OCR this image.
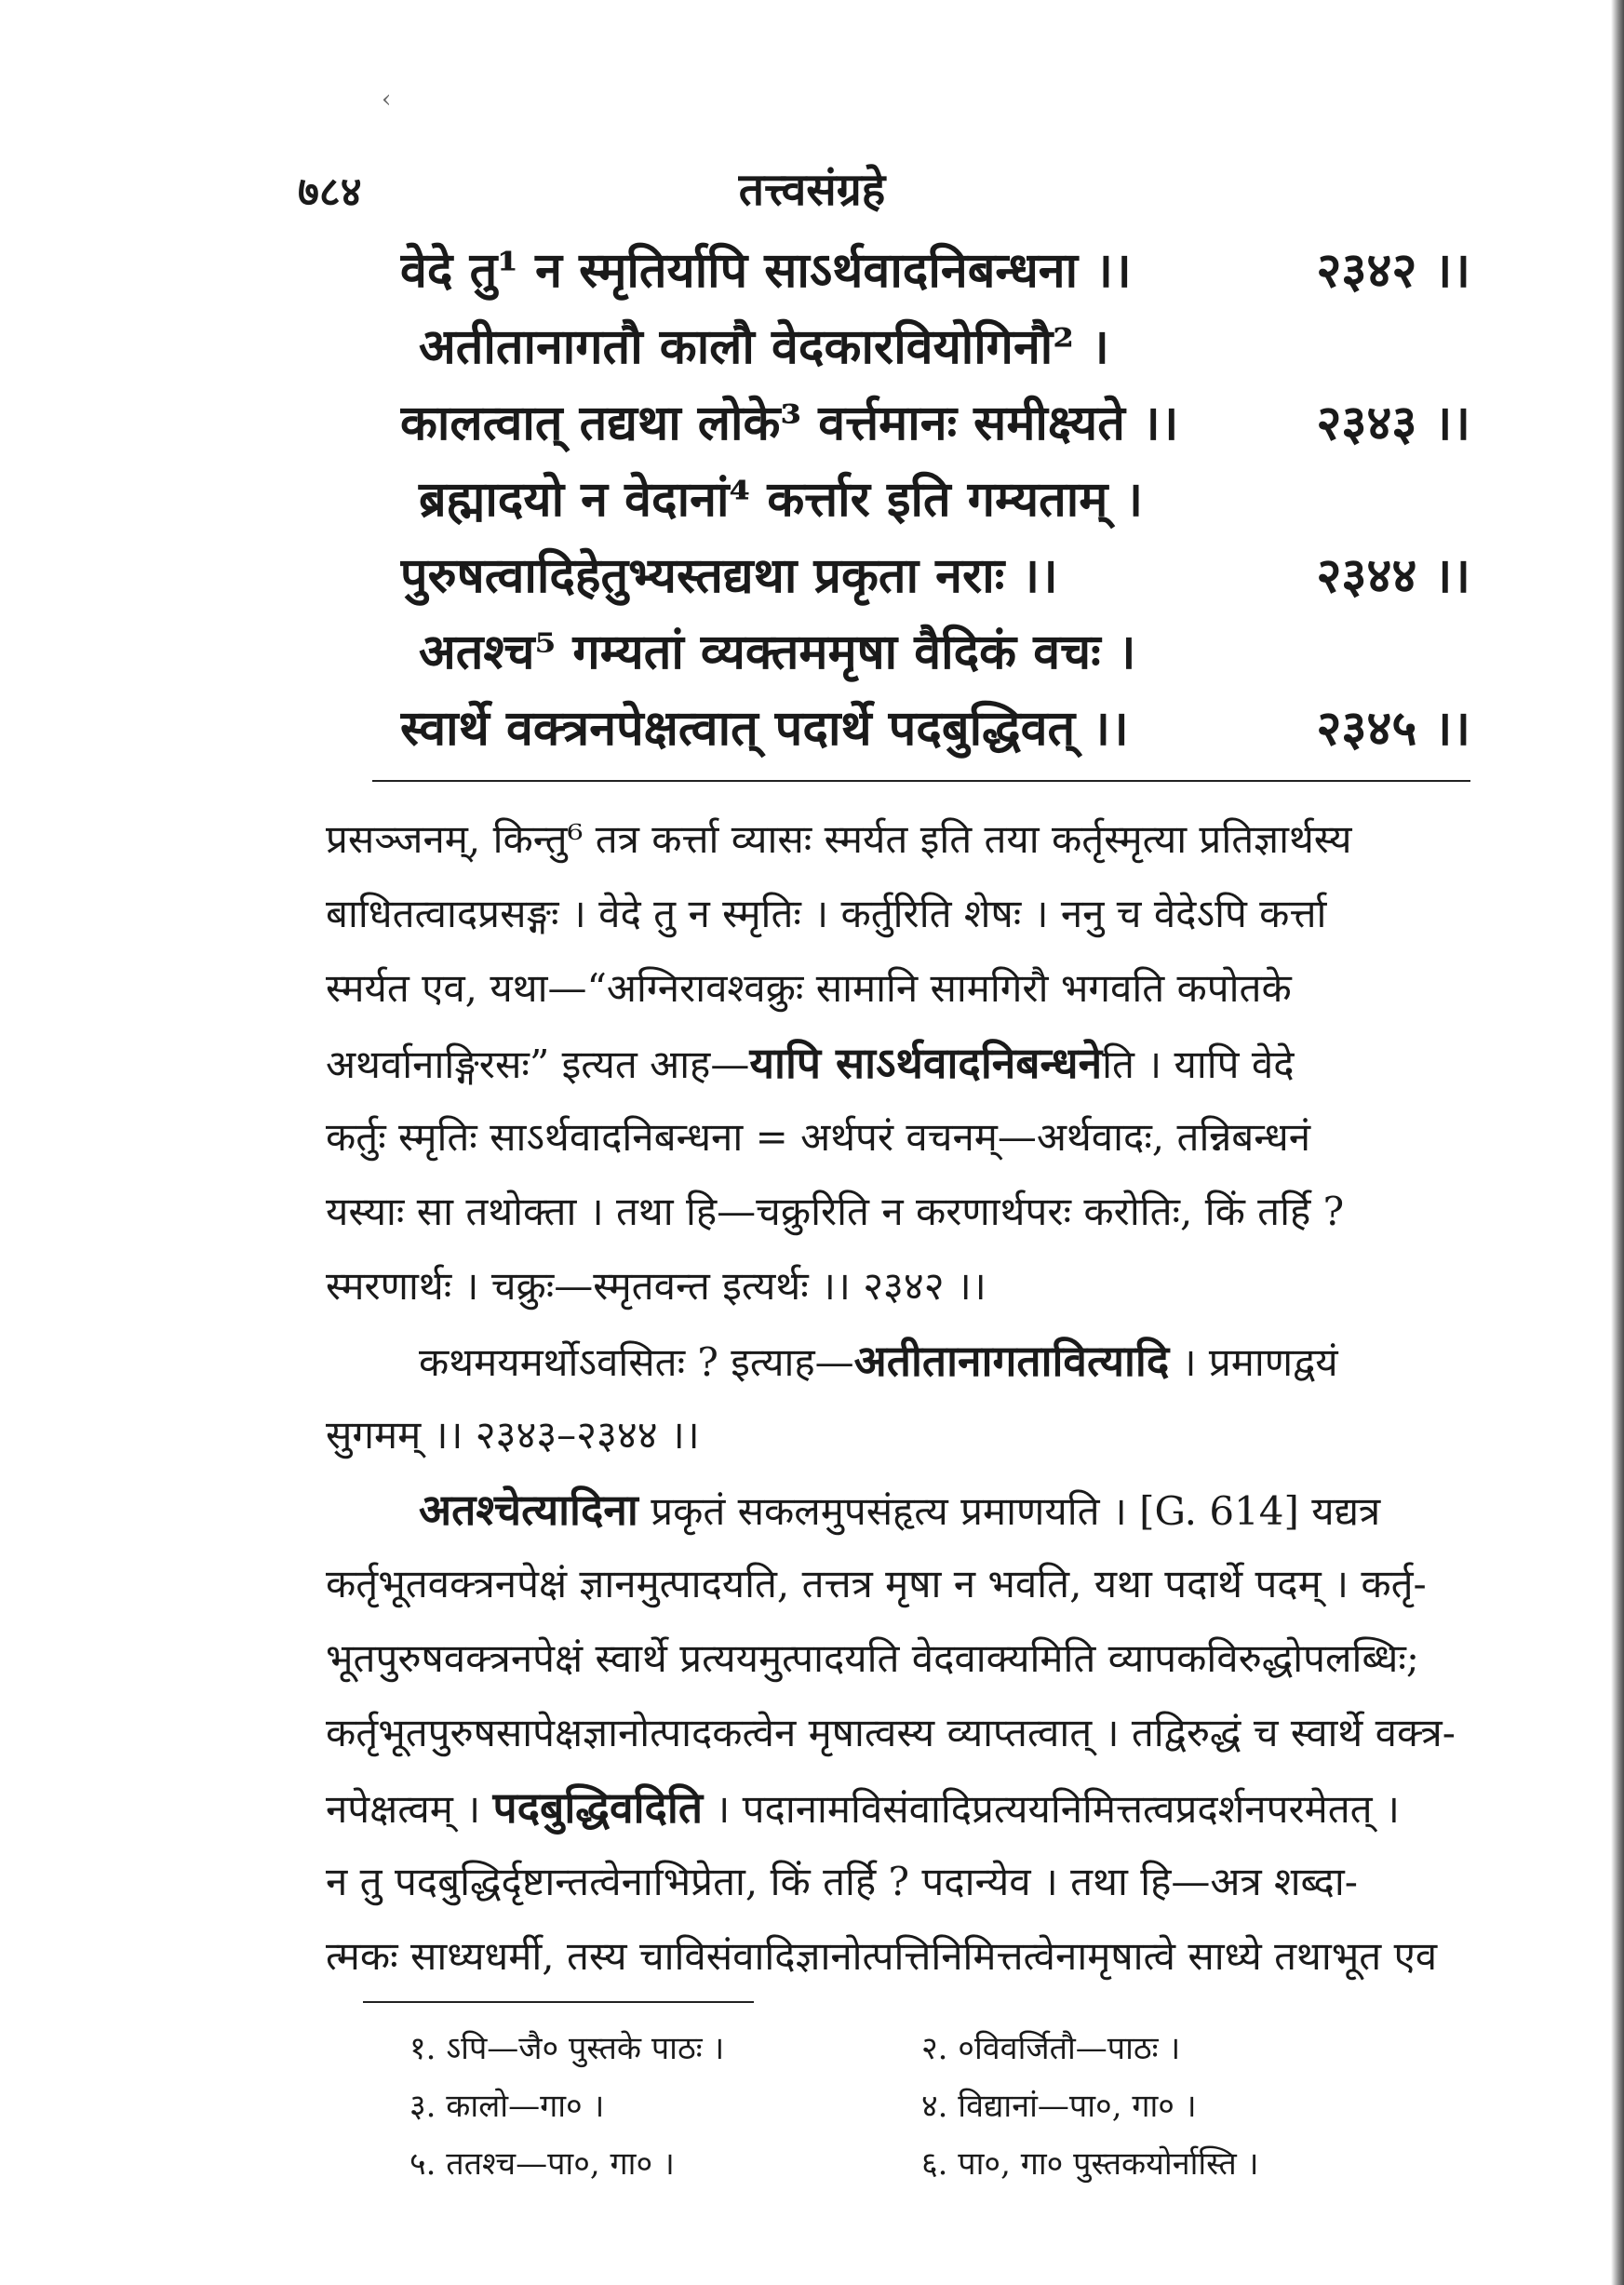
‹
७८४	तत्त्वसंग्रहे
वेदे तु¹ न स्मृतिर्यापि साऽर्थवादनिबन्धना ।।	२३४२ ।।
अतीतानागतौ कालौ वेदकारवियोगिनौ² ।
कालत्वात् तद्यथा लोके³ वर्त्तमानः समीक्ष्यते ।।	२३४३ ।।
ब्रह्मादयो न वेदानां⁴ कर्त्तार इति गम्यताम् ।
पुरुषत्वादिहेतुभ्यस्तद्यथा प्रकृता नराः ।।	२३४४ ।।
अतश्च⁵ गम्यतां व्यक्तममृषा वैदिकं वचः ।
स्वार्थे वक्त्रनपेक्षत्वात् पदार्थे पदबुद्धिवत् ।।	२३४५ ।।
प्रसञ्जनम्, किन्तु⁶ तत्र कर्त्ता व्यासः स्मर्यत इति तया कर्तृस्मृत्या प्रतिज्ञार्थस्य
बाधितत्वादप्रसङ्गः । वेदे तु न स्मृतिः । कर्तुरिति शेषः । ननु च वेदेऽपि कर्त्ता
स्मर्यत एव, यथा—“अग्निरावश्वक्रुः सामानि सामगिरौ भगवति कपोतके
अथर्वानाङ्गिरसः” इत्यत आह—यापि साऽर्थवादनिबन्धनेति । यापि वेदे
कर्तुः स्मृतिः साऽर्थवादनिबन्धना = अर्थपरं वचनम्—अर्थवादः, तन्निबन्धनं
यस्याः सा तथोक्ता । तथा हि—चक्रुरिति न करणार्थपरः करोतिः, किं तर्हि ?
स्मरणार्थः । चक्रुः—स्मृतवन्त इत्यर्थः ।। २३४२ ।।
कथमयमर्थोऽवसितः ? इत्याह—अतीतानागतावित्यादि । प्रमाणद्वयं
सुगमम् ।। २३४३–२३४४ ।।
अतश्चेत्यादिना प्रकृतं सकलमुपसंहृत्य प्रमाणयति । [G. 614] यद्यत्र
कर्तृभूतवक्त्रनपेक्षं ज्ञानमुत्पादयति, तत्तत्र मृषा न भवति, यथा पदार्थे पदम् । कर्तृ-
भूतपुरुषवक्त्रनपेक्षं स्वार्थे प्रत्ययमुत्पादयति वेदवाक्यमिति व्यापकविरुद्धोपलब्धिः;
कर्तृभूतपुरुषसापेक्षज्ञानोत्पादकत्वेन मृषात्वस्य व्याप्तत्वात् । तद्विरुद्धं च स्वार्थे वक्त्र-
नपेक्षत्वम् । पदबुद्धिवदिति । पदानामविसंवादिप्रत्ययनिमित्तत्वप्रदर्शनपरमेतत् ।
न तु पदबुद्धिर्दृष्टान्तत्वेनाभिप्रेता, किं तर्हि ? पदान्येव । तथा हि—अत्र शब्दा-
त्मकः साध्यधर्मी, तस्य चाविसंवादिज्ञानोत्पत्तिनिमित्तत्वेनामृषात्वे साध्ये तथाभूत एव
१. ऽपि—जै० पुस्तके पाठः ।	२. ०विवर्जितौ—पाठः ।
३. कालो—गा० ।	४. विद्यानां—पा०, गा० ।
५. ततश्च—पा०, गा० ।	६. पा०, गा० पुस्तकयोर्नास्ति ।
